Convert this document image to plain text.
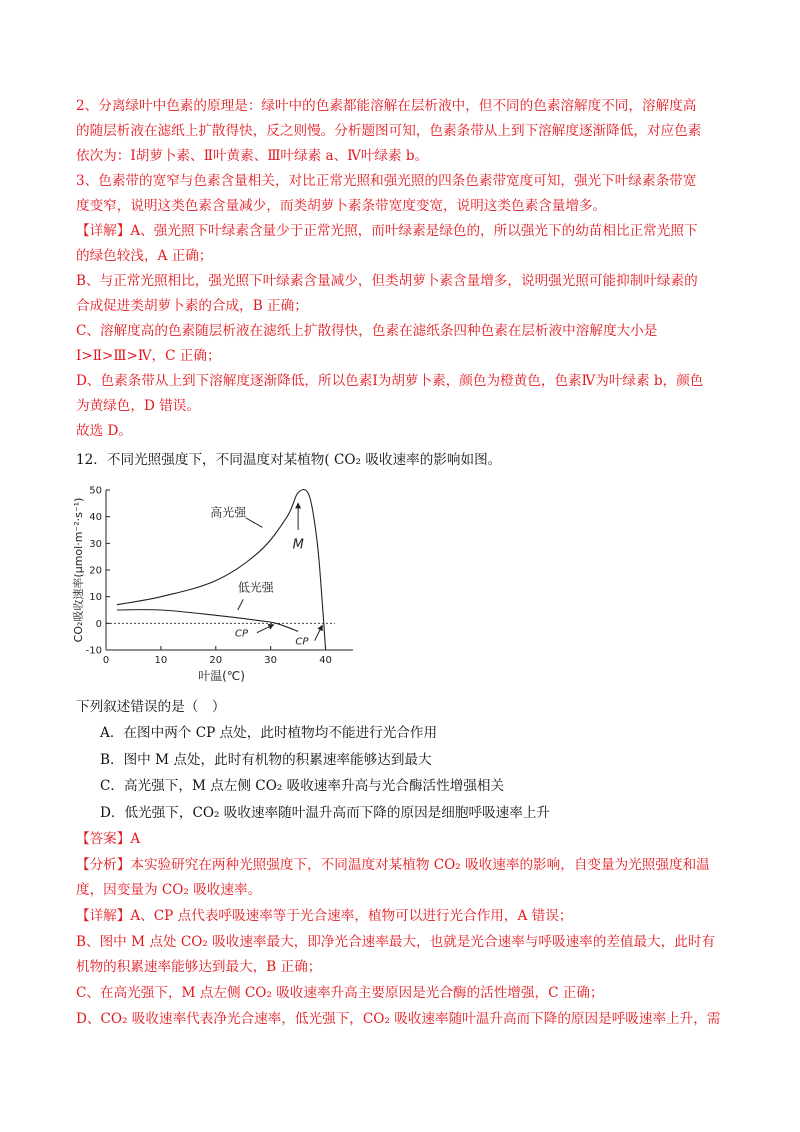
2、分离绿叶中色素的原理是：绿叶中的色素都能溶解在层析液中，但不同的色素溶解度不同，溶解度高
的随层析液在滤纸上扩散得快，反之则慢。分析题图可知，色素条带从上到下溶解度逐渐降低，对应色素
依次为：Ⅰ胡萝卜素、Ⅱ叶黄素、Ⅲ叶绿素 a、Ⅳ叶绿素 b。
3、色素带的宽窄与色素含量相关，对比正常光照和强光照的四条色素带宽度可知，强光下叶绿素条带宽
度变窄，说明这类色素含量减少，而类胡萝卜素条带宽度变宽，说明这类色素含量增多。
【详解】A、强光照下叶绿素含量少于正常光照，而叶绿素是绿色的，所以强光下的幼苗相比正常光照下
的绿色较浅，A 正确；
B、与正常光照相比，强光照下叶绿素含量减少，但类胡萝卜素含量增多，说明强光照可能抑制叶绿素的
合成促进类胡萝卜素的合成，B 正确；
C、溶解度高的色素随层析液在滤纸上扩散得快，色素在滤纸条四种色素在层析液中溶解度大小是
Ⅰ>Ⅱ>Ⅲ>Ⅳ，C 正确；
D、色素条带从上到下溶解度逐渐降低，所以色素Ⅰ为胡萝卜素，颜色为橙黄色，色素Ⅳ为叶绿素 b，颜色
为黄绿色，D 错误。
故选 D。
12．不同光照强度下，不同温度对某植物( CO₂ 吸收速率的影响如图。
0	10	20	30	40
-10
0
10
20
30
40
50
高光强
低光强
M
CP
CP
叶温(℃)
CO₂吸收速率(μmol·m⁻²·s⁻¹)
下列叙述错误的是（　）
A．在图中两个 CP 点处，此时植物均不能进行光合作用
B．图中 M 点处，此时有机物的积累速率能够达到最大
C．高光强下，M 点左侧 CO₂ 吸收速率升高与光合酶活性增强相关
D．低光强下，CO₂ 吸收速率随叶温升高而下降的原因是细胞呼吸速率上升
【答案】A
【分析】本实验研究在两种光照强度下，不同温度对某植物 CO₂ 吸收速率的影响，自变量为光照强度和温
度，因变量为 CO₂ 吸收速率。
【详解】A、CP 点代表呼吸速率等于光合速率，植物可以进行光合作用，A 错误；
B、图中 M 点处 CO₂ 吸收速率最大，即净光合速率最大，也就是光合速率与呼吸速率的差值最大，此时有
机物的积累速率能够达到最大，B 正确；
C、在高光强下，M 点左侧 CO₂ 吸收速率升高主要原因是光合酶的活性增强，C 正确；
D、CO₂ 吸收速率代表净光合速率，低光强下，CO₂ 吸收速率随叶温升高而下降的原因是呼吸速率上升，需
